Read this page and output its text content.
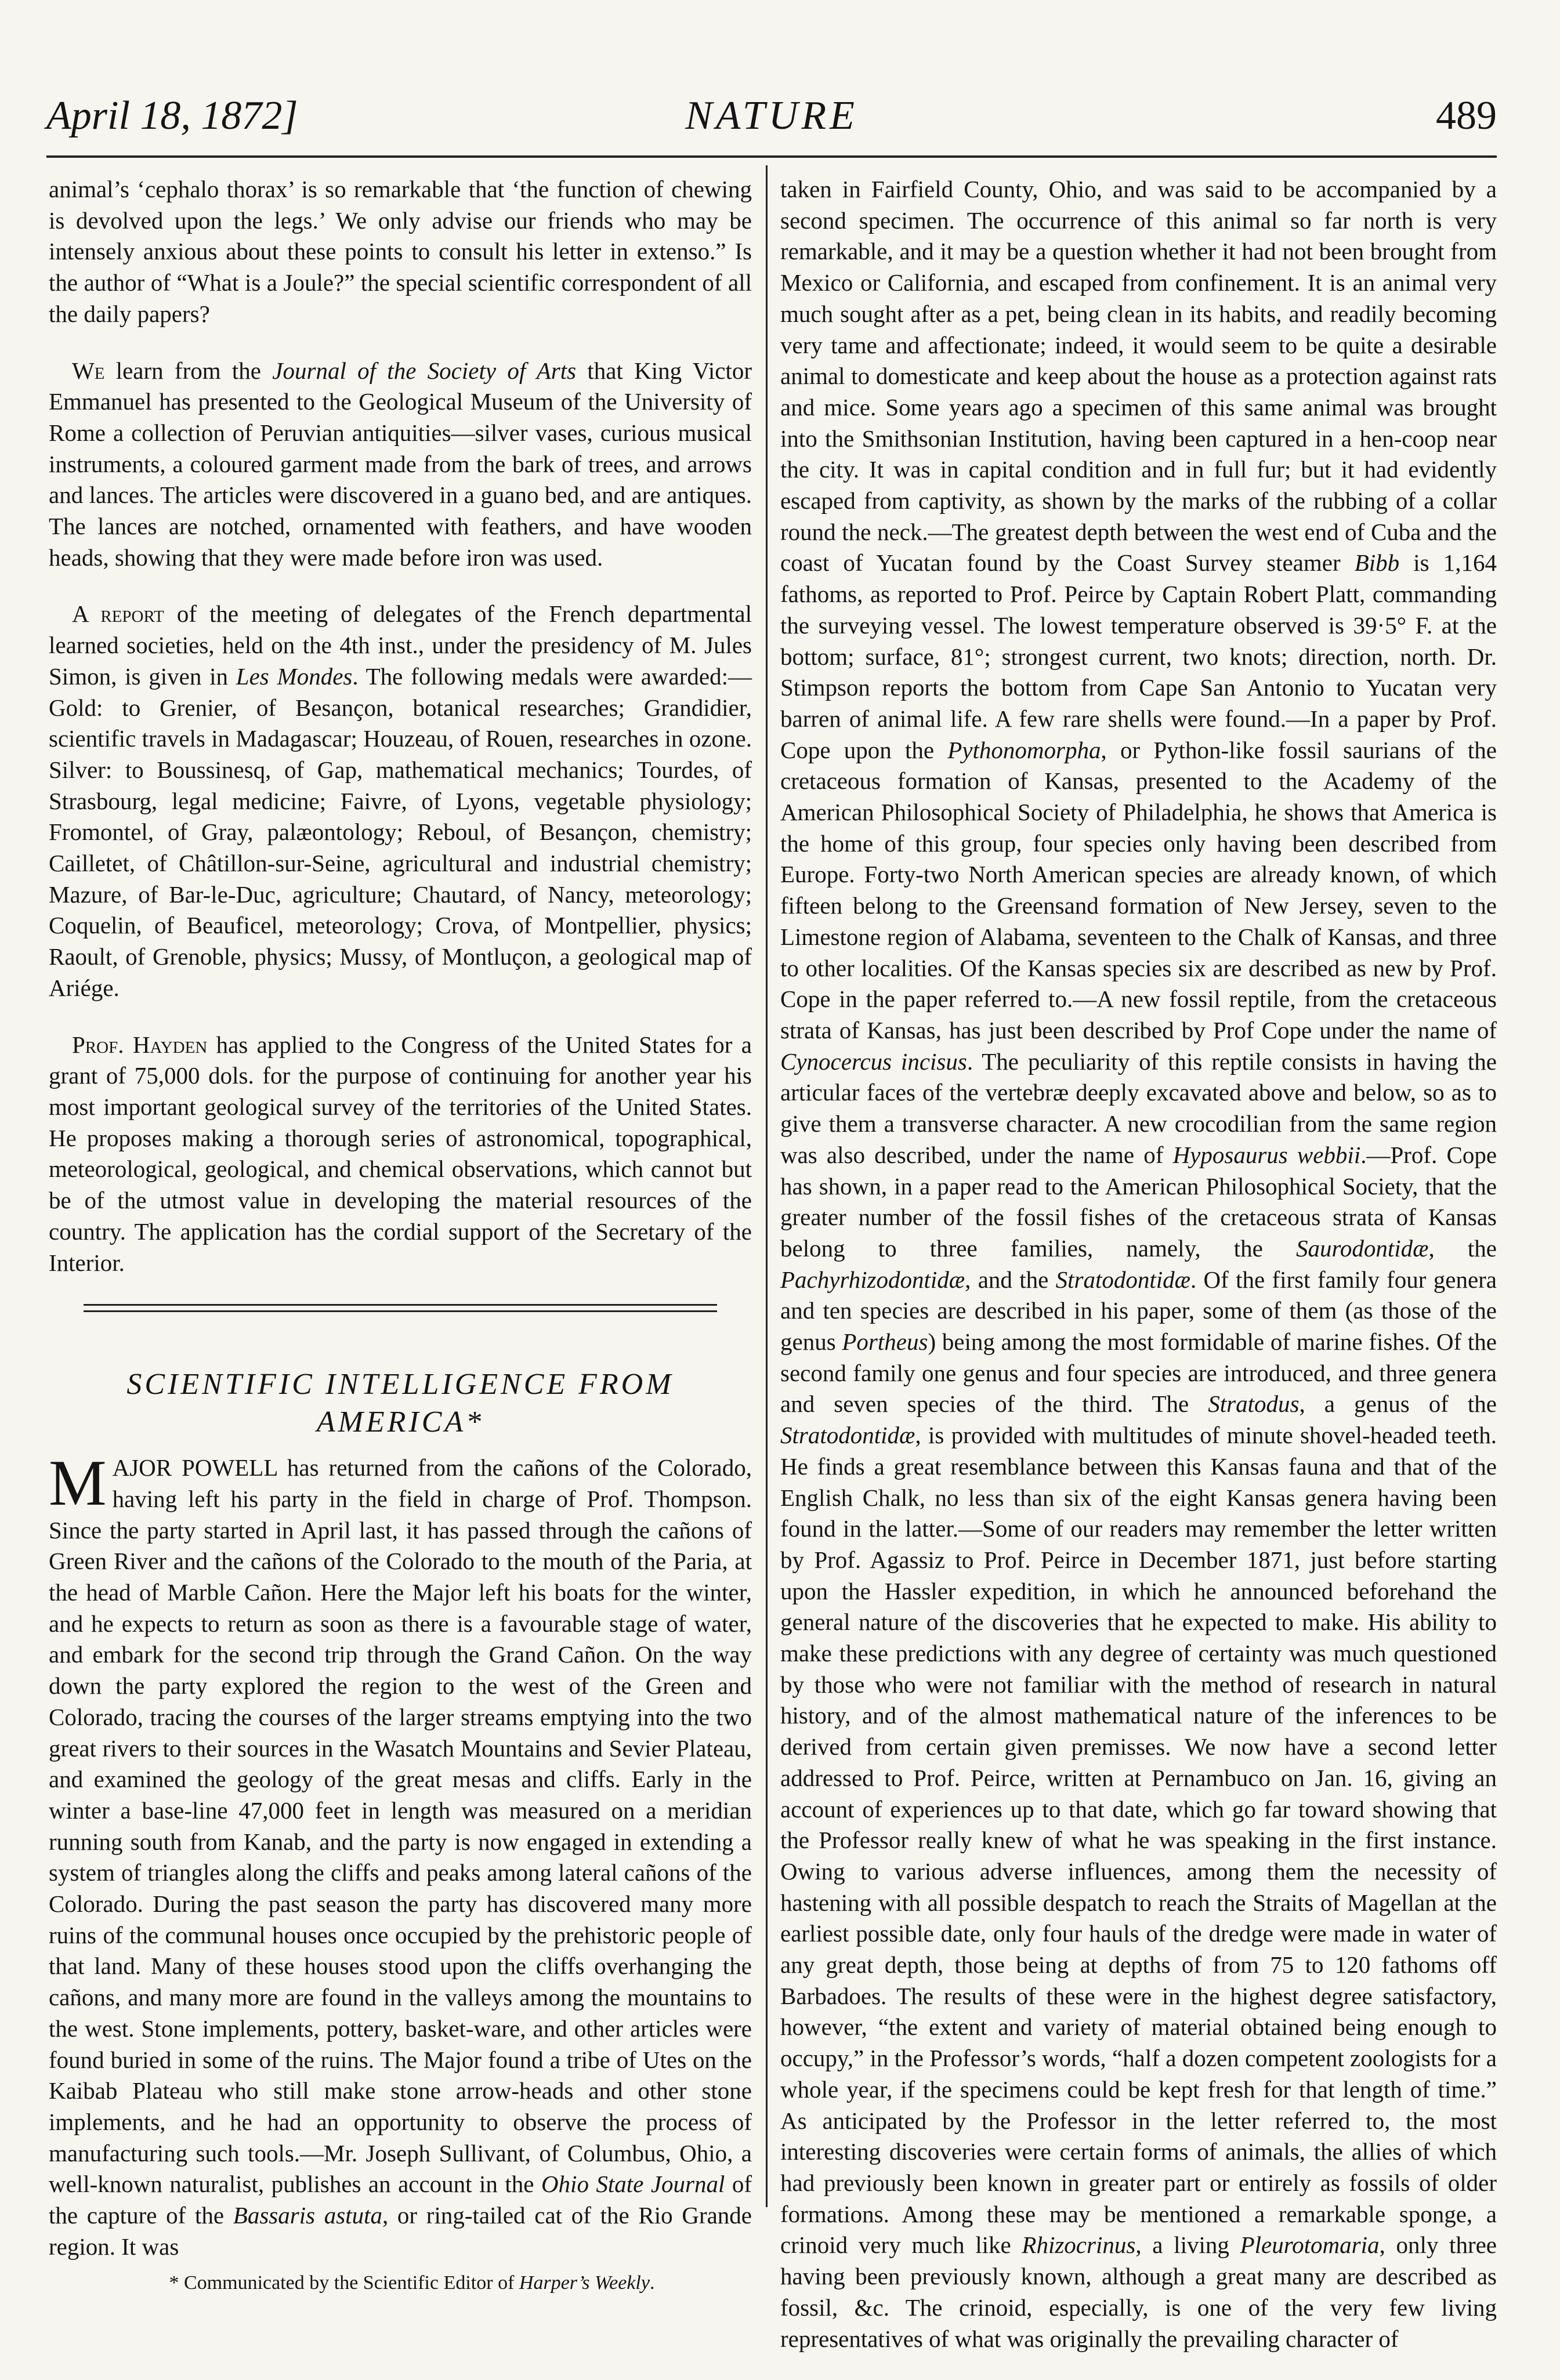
April 18, 1872]	NATURE	489

animal’s ‘cephalo thorax’ is so remarkable that ‘the function of chewing is devolved upon the legs.’ We only advise our friends who may be intensely anxious about these points to consult his letter in extenso.” Is the author of “What is a Joule?” the special scientific correspondent of all the daily papers?

We learn from the Journal of the Society of Arts that King Victor Emmanuel has presented to the Geological Museum of the University of Rome a collection of Peruvian antiquities—silver vases, curious musical instruments, a coloured garment made from the bark of trees, and arrows and lances. The articles were discovered in a guano bed, and are antiques. The lances are notched, ornamented with feathers, and have wooden heads, showing that they were made before iron was used.

A report of the meeting of delegates of the French departmental learned societies, held on the 4th inst., under the presidency of M. Jules Simon, is given in Les Mondes. The following medals were awarded:—Gold: to Grenier, of Besançon, botanical researches; Grandidier, scientific travels in Madagascar; Houzeau, of Rouen, researches in ozone. Silver: to Boussinesq, of Gap, mathematical mechanics; Tourdes, of Strasbourg, legal medicine; Faivre, of Lyons, vegetable physiology; Fromontel, of Gray, palæontology; Reboul, of Besançon, chemistry; Cailletet, of Châtillon-sur-Seine, agricultural and industrial chemistry; Mazure, of Bar-le-Duc, agriculture; Chautard, of Nancy, meteorology; Coquelin, of Beauficel, meteorology; Crova, of Montpellier, physics; Raoult, of Grenoble, physics; Mussy, of Montluçon, a geological map of Ariége.

Prof. Hayden has applied to the Congress of the United States for a grant of 75,000 dols. for the purpose of continuing for another year his most important geological survey of the territories of the United States. He proposes making a thorough series of astronomical, topographical, meteorological, geological, and chemical observations, which cannot but be of the utmost value in developing the material resources of the country. The application has the cordial support of the Secretary of the Interior.

SCIENTIFIC INTELLIGENCE FROM AMERICA*

MAJOR POWELL has returned from the cañons of the Colorado, having left his party in the field in charge of Prof. Thompson. Since the party started in April last, it has passed through the cañons of Green River and the cañons of the Colorado to the mouth of the Paria, at the head of Marble Cañon. Here the Major left his boats for the winter, and he expects to return as soon as there is a favourable stage of water, and embark for the second trip through the Grand Cañon. On the way down the party explored the region to the west of the Green and Colorado, tracing the courses of the larger streams emptying into the two great rivers to their sources in the Wasatch Mountains and Sevier Plateau, and examined the geology of the great mesas and cliffs. Early in the winter a base-line 47,000 feet in length was measured on a meridian running south from Kanab, and the party is now engaged in extending a system of triangles along the cliffs and peaks among lateral cañons of the Colorado. During the past season the party has discovered many more ruins of the communal houses once occupied by the prehistoric people of that land. Many of these houses stood upon the cliffs overhanging the cañons, and many more are found in the valleys among the mountains to the west. Stone implements, pottery, basket-ware, and other articles were found buried in some of the ruins. The Major found a tribe of Utes on the Kaibab Plateau who still make stone arrow-heads and other stone implements, and he had an opportunity to observe the process of manufacturing such tools.—Mr. Joseph Sullivant, of Columbus, Ohio, a well-known naturalist, publishes an account in the Ohio State Journal of the capture of the Bassaris astuta, or ring-tailed cat of the Rio Grande region. It was

* Communicated by the Scientific Editor of Harper’s Weekly.

taken in Fairfield County, Ohio, and was said to be accompanied by a second specimen. The occurrence of this animal so far north is very remarkable, and it may be a question whether it had not been brought from Mexico or California, and escaped from confinement. It is an animal very much sought after as a pet, being clean in its habits, and readily becoming very tame and affectionate; indeed, it would seem to be quite a desirable animal to domesticate and keep about the house as a protection against rats and mice. Some years ago a specimen of this same animal was brought into the Smithsonian Institution, having been captured in a hen-coop near the city. It was in capital condition and in full fur; but it had evidently escaped from captivity, as shown by the marks of the rubbing of a collar round the neck.—The greatest depth between the west end of Cuba and the coast of Yucatan found by the Coast Survey steamer Bibb is 1,164 fathoms, as reported to Prof. Peirce by Captain Robert Platt, commanding the surveying vessel. The lowest temperature observed is 39·5° F. at the bottom; surface, 81°; strongest current, two knots; direction, north. Dr. Stimpson reports the bottom from Cape San Antonio to Yucatan very barren of animal life. A few rare shells were found.—In a paper by Prof. Cope upon the Pythonomorpha, or Python-like fossil saurians of the cretaceous formation of Kansas, presented to the Academy of the American Philosophical Society of Philadelphia, he shows that America is the home of this group, four species only having been described from Europe. Forty-two North American species are already known, of which fifteen belong to the Greensand formation of New Jersey, seven to the Limestone region of Alabama, seventeen to the Chalk of Kansas, and three to other localities. Of the Kansas species six are described as new by Prof. Cope in the paper referred to.—A new fossil reptile, from the cretaceous strata of Kansas, has just been described by Prof Cope under the name of Cynocercus incisus. The peculiarity of this reptile consists in having the articular faces of the vertebræ deeply excavated above and below, so as to give them a transverse character. A new crocodilian from the same region was also described, under the name of Hyposaurus webbii.—Prof. Cope has shown, in a paper read to the American Philosophical Society, that the greater number of the fossil fishes of the cretaceous strata of Kansas belong to three families, namely, the Saurodontidæ, the Pachyrhizodontidæ, and the Stratodontidæ. Of the first family four genera and ten species are described in his paper, some of them (as those of the genus Portheus) being among the most formidable of marine fishes. Of the second family one genus and four species are introduced, and three genera and seven species of the third. The Stratodus, a genus of the Stratodontidæ, is provided with multitudes of minute shovel-headed teeth. He finds a great resemblance between this Kansas fauna and that of the English Chalk, no less than six of the eight Kansas genera having been found in the latter.—Some of our readers may remember the letter written by Prof. Agassiz to Prof. Peirce in December 1871, just before starting upon the Hassler expedition, in which he announced beforehand the general nature of the discoveries that he expected to make. His ability to make these predictions with any degree of certainty was much questioned by those who were not familiar with the method of research in natural history, and of the almost mathematical nature of the inferences to be derived from certain given premisses. We now have a second letter addressed to Prof. Peirce, written at Pernambuco on Jan. 16, giving an account of experiences up to that date, which go far toward showing that the Professor really knew of what he was speaking in the first instance. Owing to various adverse influences, among them the necessity of hastening with all possible despatch to reach the Straits of Magellan at the earliest possible date, only four hauls of the dredge were made in water of any great depth, those being at depths of from 75 to 120 fathoms off Barbadoes. The results of these were in the highest degree satisfactory, however, “the extent and variety of material obtained being enough to occupy,” in the Professor’s words, “half a dozen competent zoologists for a whole year, if the specimens could be kept fresh for that length of time.” As anticipated by the Professor in the letter referred to, the most interesting discoveries were certain forms of animals, the allies of which had previously been known in greater part or entirely as fossils of older formations. Among these may be mentioned a remarkable sponge, a crinoid very much like Rhizocrinus, a living Pleurotomaria, only three having been previously known, although a great many are described as fossil, &c. The crinoid, especially, is one of the very few living representatives of what was originally the prevailing character of
